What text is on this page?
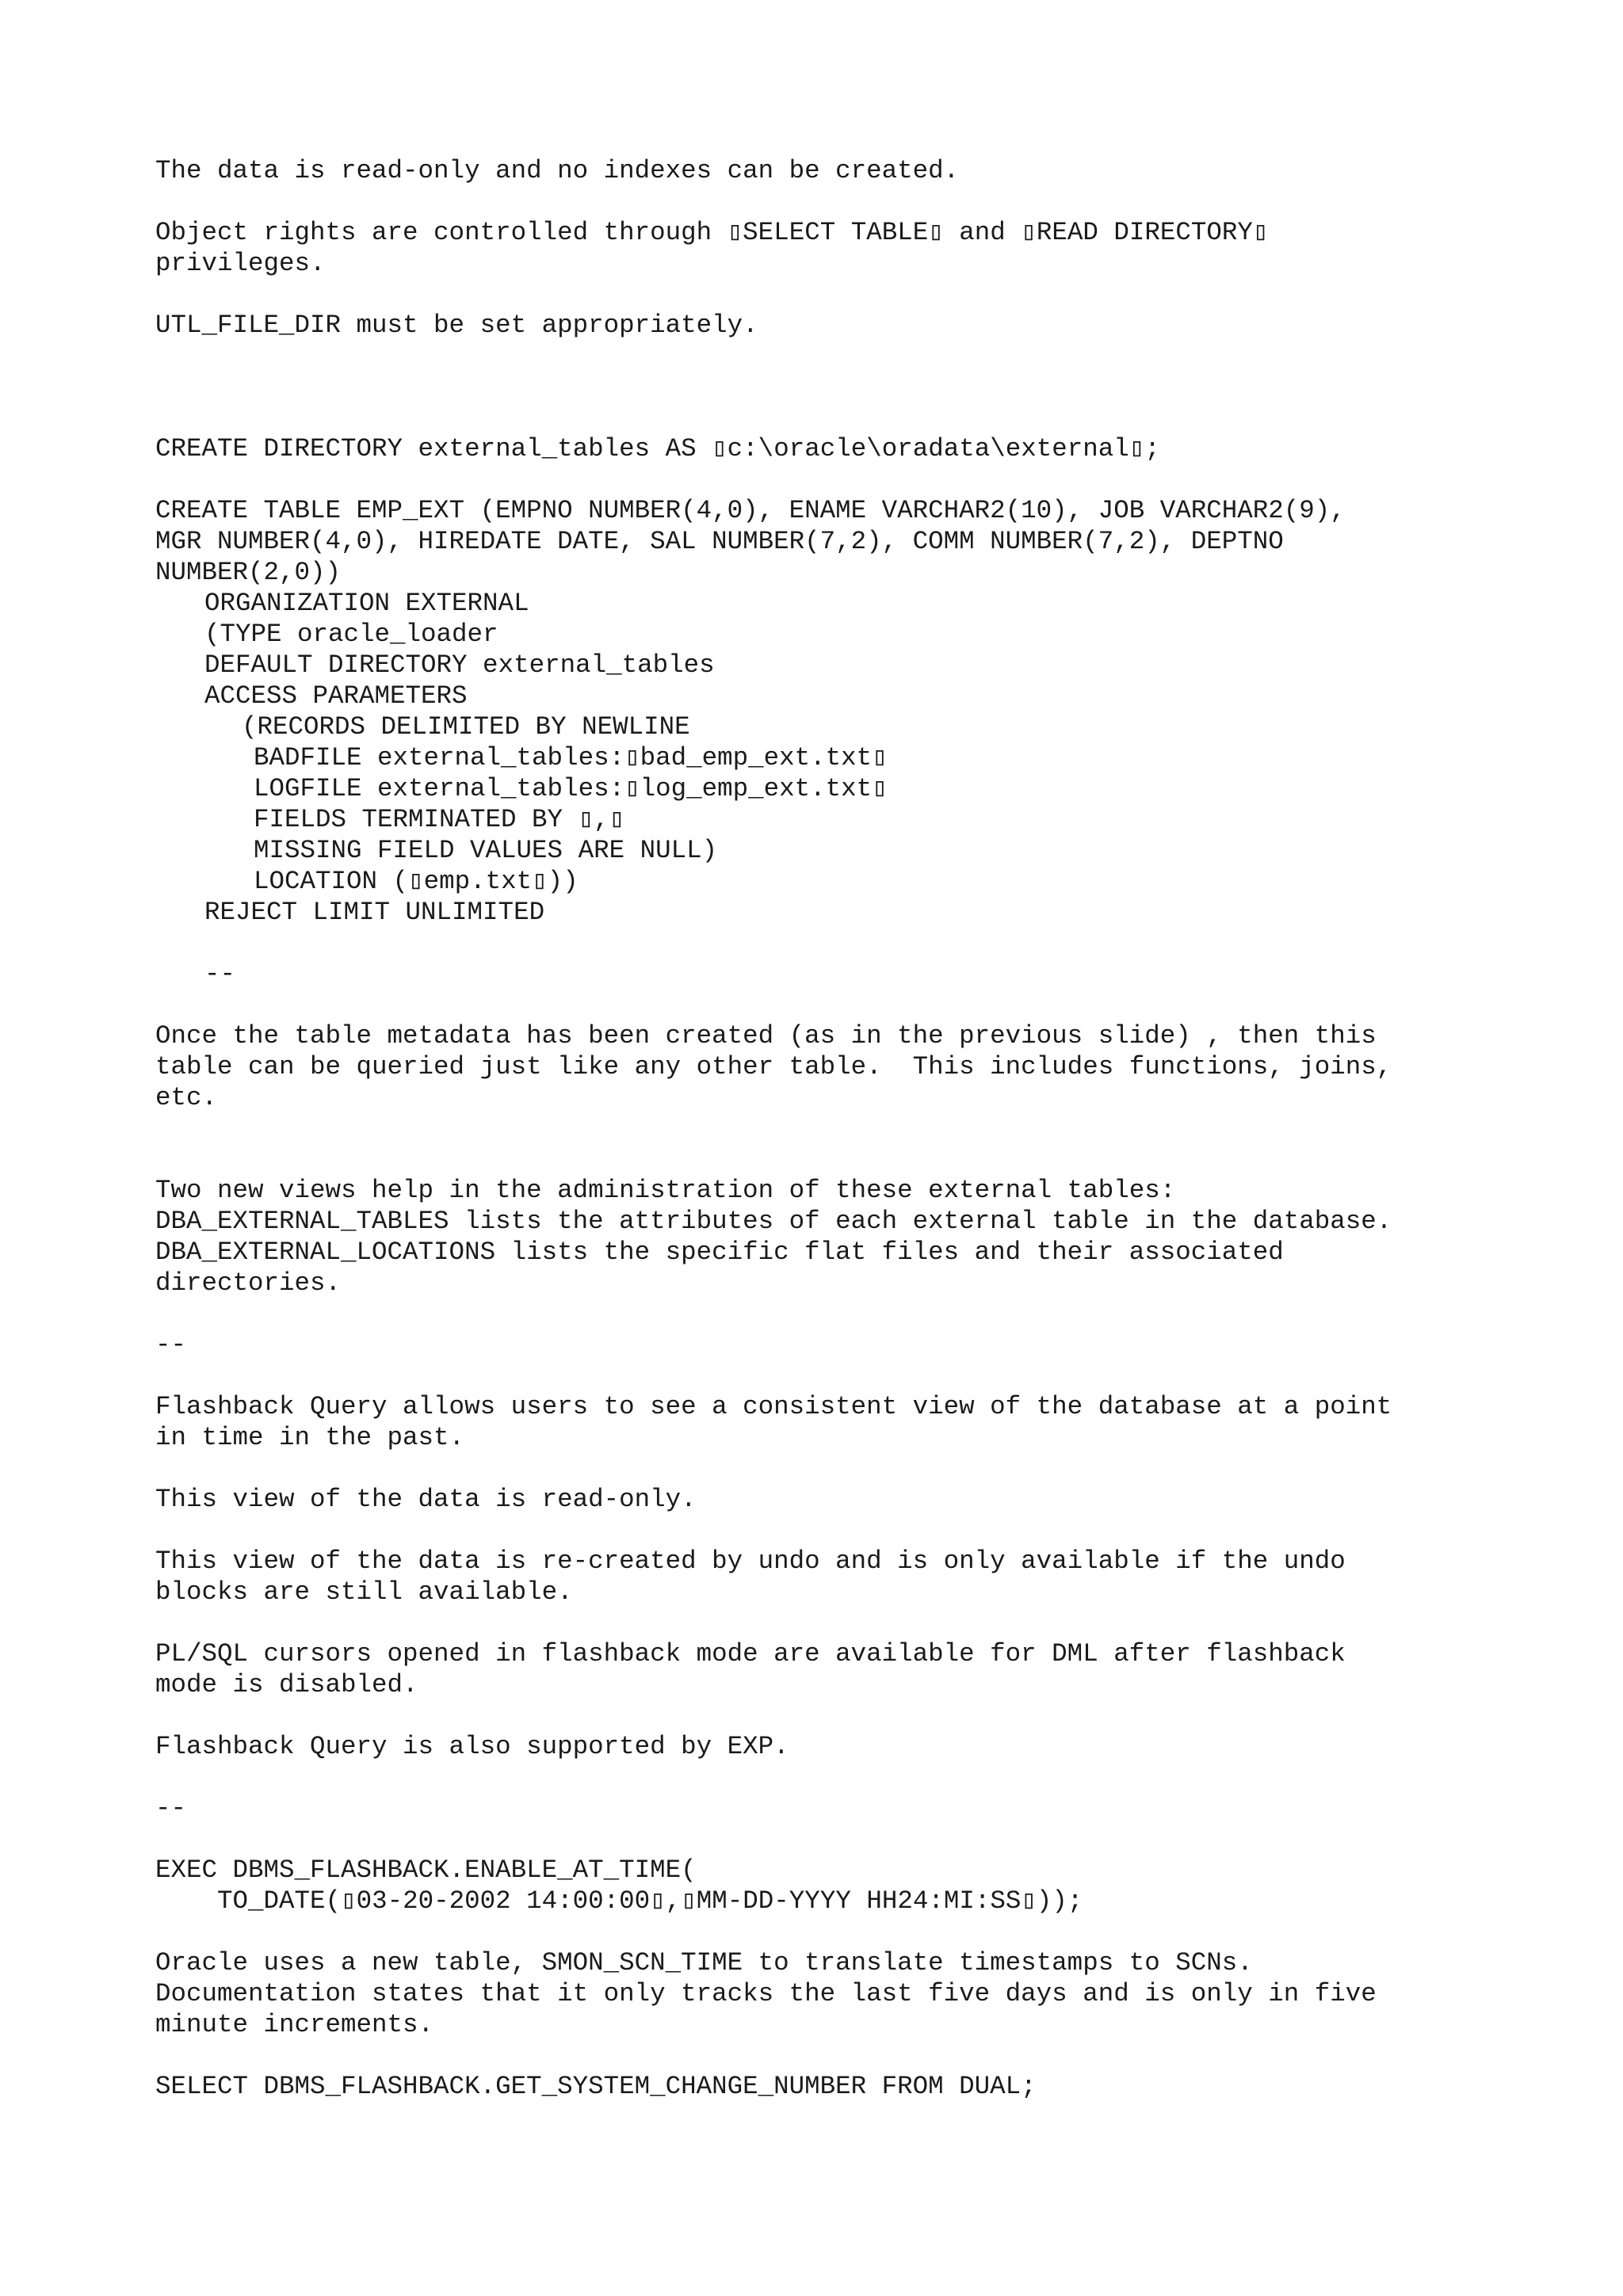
The data is read-only and no indexes can be created.
Object rights are controlled through ▯SELECT TABLE▯ and ▯READ DIRECTORY▯
privileges.
UTL_FILE_DIR must be set appropriately.
CREATE DIRECTORY external_tables AS ▯c:\oracle\oradata\external▯;
CREATE TABLE EMP_EXT (EMPNO NUMBER(4,0), ENAME VARCHAR2(10), JOB VARCHAR2(9),
MGR NUMBER(4,0), HIREDATE DATE, SAL NUMBER(7,2), COMM NUMBER(7,2), DEPTNO
NUMBER(2,0))
ORGANIZATION EXTERNAL
(TYPE oracle_loader
DEFAULT DIRECTORY external_tables
ACCESS PARAMETERS
(RECORDS DELIMITED BY NEWLINE
BADFILE external_tables:▯bad_emp_ext.txt▯
LOGFILE external_tables:▯log_emp_ext.txt▯
FIELDS TERMINATED BY ▯,▯
MISSING FIELD VALUES ARE NULL)
LOCATION (▯emp.txt▯))
REJECT LIMIT UNLIMITED
--
Once the table metadata has been created (as in the previous slide) , then this
table can be queried just like any other table.  This includes functions, joins,
etc.
Two new views help in the administration of these external tables:
DBA_EXTERNAL_TABLES lists the attributes of each external table in the database.
DBA_EXTERNAL_LOCATIONS lists the specific flat files and their associated
directories.
--
Flashback Query allows users to see a consistent view of the database at a point
in time in the past.
This view of the data is read-only.
This view of the data is re-created by undo and is only available if the undo
blocks are still available.
PL/SQL cursors opened in flashback mode are available for DML after flashback
mode is disabled.
Flashback Query is also supported by EXP.
--
EXEC DBMS_FLASHBACK.ENABLE_AT_TIME(
TO_DATE(▯03-20-2002 14:00:00▯,▯MM-DD-YYYY HH24:MI:SS▯));
Oracle uses a new table, SMON_SCN_TIME to translate timestamps to SCNs.
Documentation states that it only tracks the last five days and is only in five
minute increments.
SELECT DBMS_FLASHBACK.GET_SYSTEM_CHANGE_NUMBER FROM DUAL;
